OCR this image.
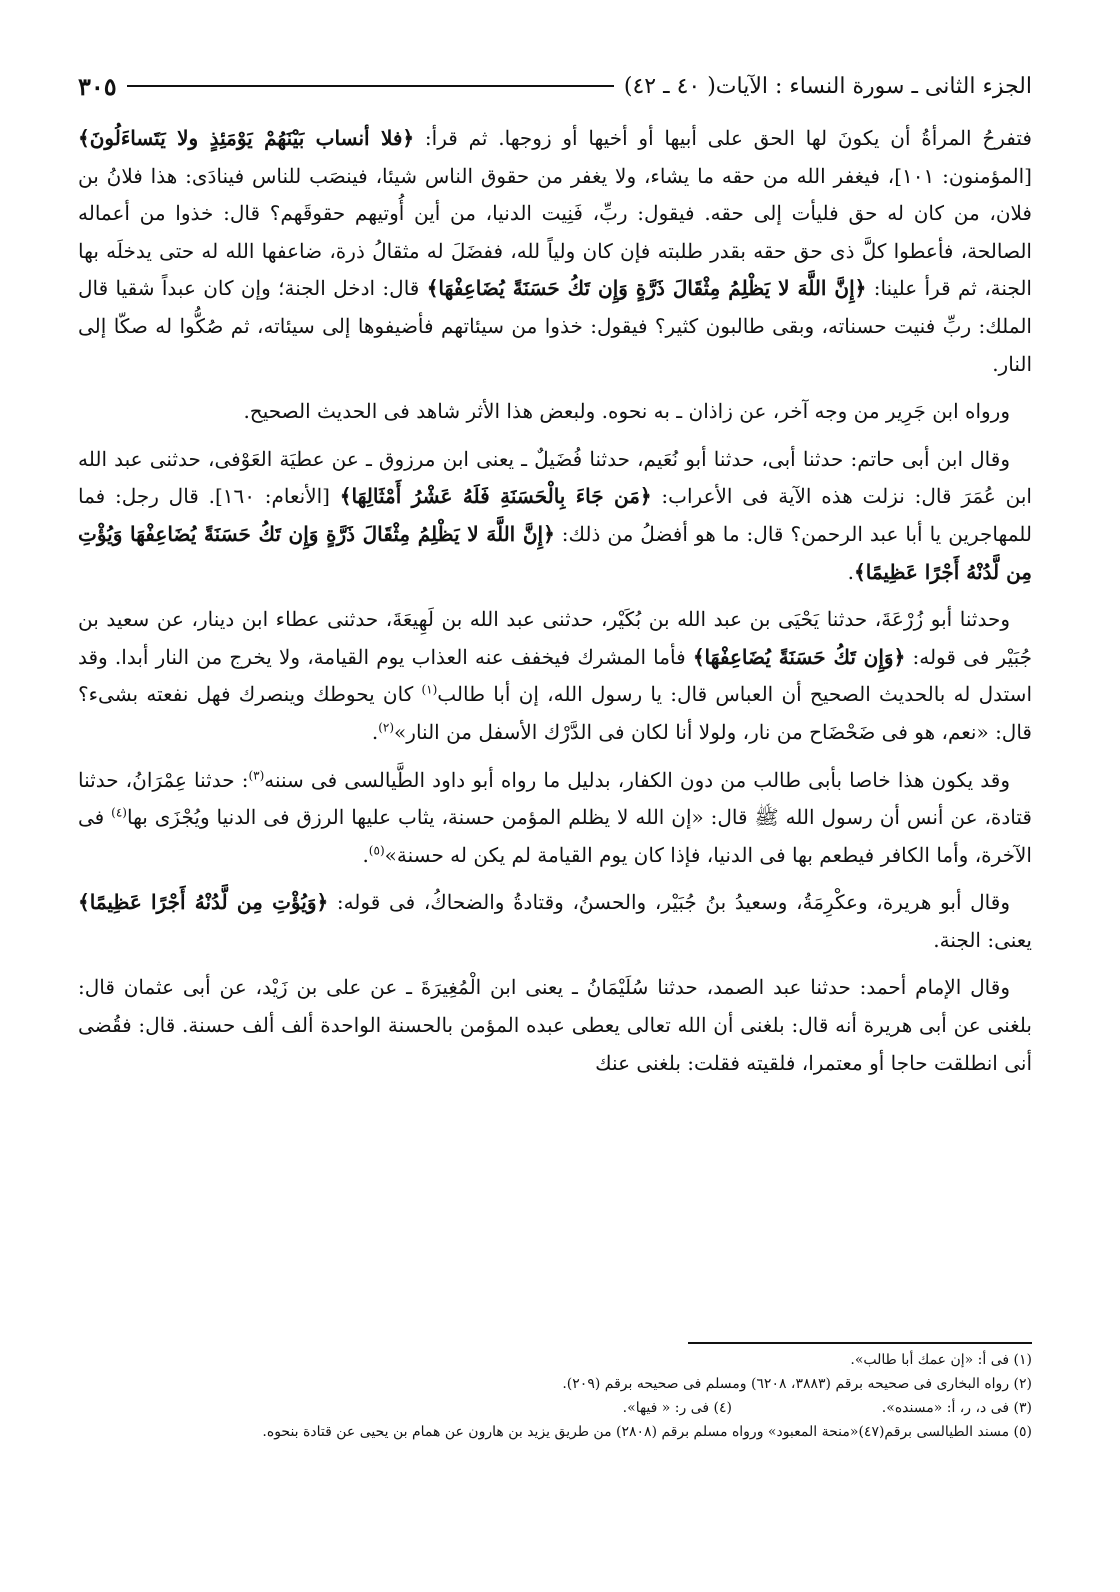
الجزء الثانى ـ سورة النساء : الآيات( ٤٠ ـ ٤٢)
٣٠٥

فتفرحُ المرأةُ أن يكونَ لها الحق على أبيها أو أخيها أو زوجها. ثم قرأ: ﴿فلا أنساب بَيْنَهُمْ يَوْمَئِذٍ ولا يَتَساءَلُونَ﴾ [المؤمنون: ١٠١]، فيغفر الله من حقه ما يشاء، ولا يغفر من حقوق الناس شيئا، فينصَب للناس فينادَى: هذا فلانُ بن فلان، من كان له حق فليأت إلى حقه. فيقول: ربِّ، فَنِيت الدنيا، من أين أُوتيهم حقوقَهم؟ قال: خذوا من أعماله الصالحة، فأعطوا كلَّ ذى حق حقه بقدر طلبته فإن كان ولياً لله، ففضَلَ له مثقالُ ذرة، ضاعفها الله له حتى يدخلَه بها الجنة، ثم قرأ علينا: ﴿إِنَّ اللَّهَ لا يَظْلِمُ مِثْقَالَ ذَرَّةٍ وَإِن تَكُ حَسَنَةً يُضَاعِفْهَا﴾ قال: ادخل الجنة؛ وإن كان عبداً شقيا قال الملك: ربِّ فنيت حسناته، وبقى طالبون كثير؟ فيقول: خذوا من سيئاتهم فأضيفوها إلى سيئاته، ثم صُكُّوا له صكّا إلى النار.

ورواه ابن جَرِير من وجه آخر، عن زاذان ـ به نحوه. ولبعض هذا الأثر شاهد فى الحديث الصحيح.

وقال ابن أبى حاتم: حدثنا أبى، حدثنا أبو نُعَيم، حدثنا فُضَيلٌ ـ يعنى ابن مرزوق ـ عن عطيَة العَوْفى، حدثنى عبد الله ابن عُمَرَ قال: نزلت هذه الآية فى الأعراب: ﴿مَن جَاءَ بِالْحَسَنَةِ فَلَهُ عَشْرُ أَمْثَالِهَا﴾ [الأنعام: ١٦٠]. قال رجل: فما للمهاجرين يا أبا عبد الرحمن؟ قال: ما هو أفضلُ من ذلك: ﴿إِنَّ اللَّهَ لا يَظْلِمُ مِثْقَالَ ذَرَّةٍ وَإِن تَكُ حَسَنَةً يُضَاعِفْهَا وَيُؤْتِ مِن لَّدُنْهُ أَجْرًا عَظِيمًا﴾.

وحدثنا أبو زُرْعَةَ، حدثنا يَحْيَى بن عبد الله بن بُكَيْر، حدثنى عبد الله بن لَهِيعَةَ، حدثنى عطاء ابن دينار، عن سعيد بن جُبَيْر فى قوله: ﴿وَإِن تَكُ حَسَنَةً يُضَاعِفْهَا﴾ فأما المشرك فيخفف عنه العذاب يوم القيامة، ولا يخرج من النار أبدا. وقد استدل له بالحديث الصحيح أن العباس قال: يا رسول الله، إن أبا طالب$^{(١)}$ كان يحوطك وينصرك فهل نفعته بشىء؟ قال: «نعم، هو فى ضَحْضَاح من نار، ولولا أنا لكان فى الدَّرْك الأسفل من النار»$^{(٢)}$.

وقد يكون هذا خاصا بأبى طالب من دون الكفار، بدليل ما رواه أبو داود الطَّيالسى فى سننه$^{(٣)}$: حدثنا عِمْرَانُ، حدثنا قتادة، عن أنس أن رسول الله ﷺ قال: «إن الله لا يظلم المؤمن حسنة، يثاب عليها الرزق فى الدنيا ويُجْزَى بها$^{(٤)}$ فى الآخرة، وأما الكافر فيطعم بها فى الدنيا، فإذا كان يوم القيامة لم يكن له حسنة»$^{(٥)}$.

وقال أبو هريرة، وعكْرِمَةُ، وسعيدُ بنُ جُبَيْر، والحسنُ، وقتادةُ والضحاكُ، فى قوله: ﴿وَيُؤْتِ مِن لَّدُنْهُ أَجْرًا عَظِيمًا﴾ يعنى: الجنة.

وقال الإمام أحمد: حدثنا عبد الصمد، حدثنا سُلَيْمَانُ ـ يعنى ابن الْمُغِيرَةَ ـ عن على بن زَيْد، عن أبى عثمان قال: بلغنى عن أبى هريرة أنه قال: بلغنى أن الله تعالى يعطى عبده المؤمن بالحسنة الواحدة ألف ألف حسنة. قال: فقُضى أنى انطلقت حاجا أو معتمرا، فلقيته فقلت: بلغنى عنك

(١) فى أ: «إن عمك أبا طالب».
(٢) رواه البخارى فى صحيحه برقم (٣٨٨٣، ٦٢٠٨) ومسلم فى صحيحه برقم (٢٠٩).
(٣) فى د، ر، أ: «مسنده».
(٤) فى ر: « فيها».
(٥) مسند الطيالسى برقم(٤٧)«منحة المعبود» ورواه مسلم برقم (٢٨٠٨) من طريق يزيد بن هارون عن همام بن يحيى عن قتادة بنحوه.
